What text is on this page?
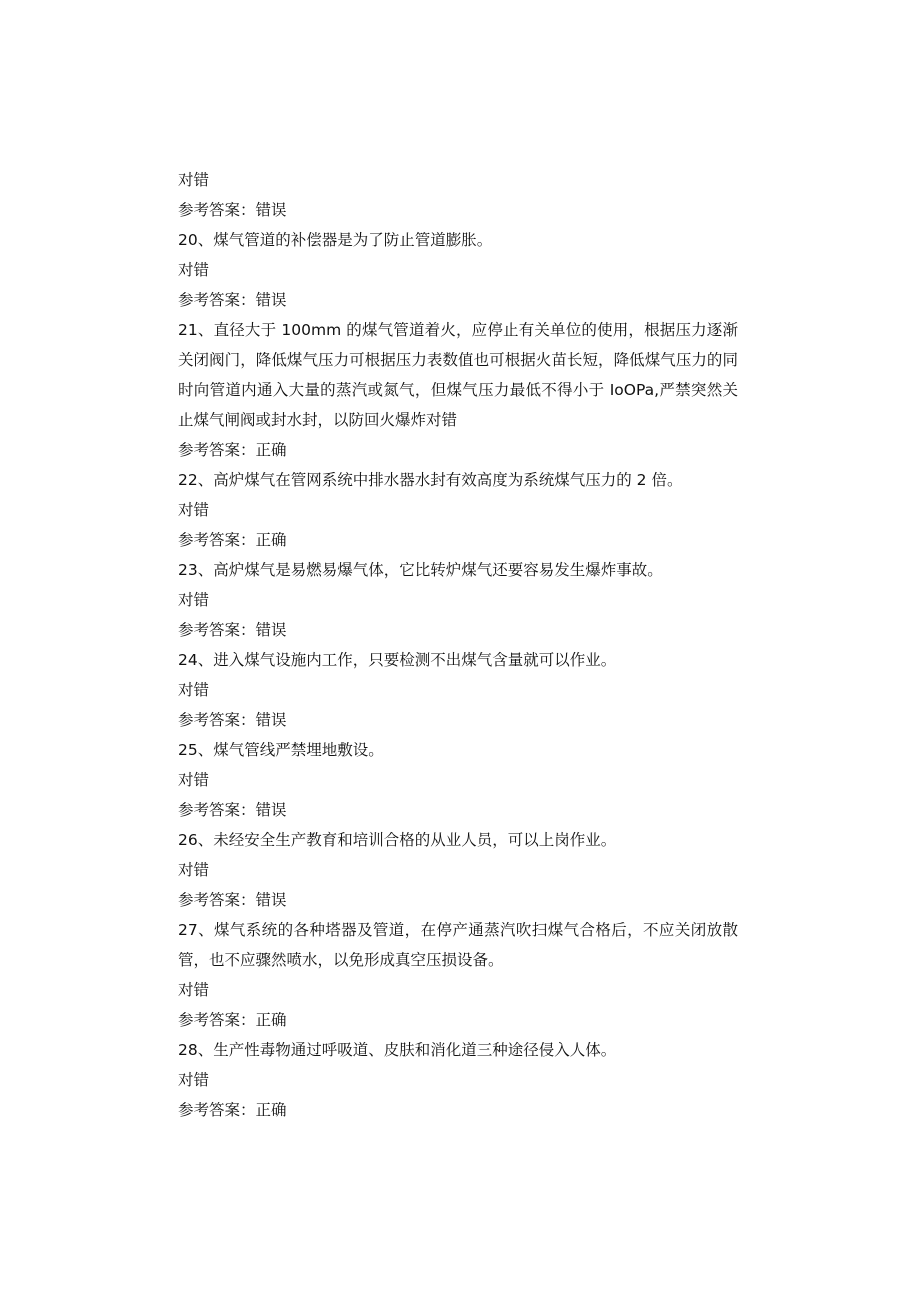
对错

参考答案：错误

20、煤气管道的补偿器是为了防止管道膨胀。

对错

参考答案：错误

21、直径大于 100mm 的煤气管道着火，应停止有关单位的使用，根据压力逐渐关闭阀门，降低煤气压力可根据压力表数值也可根据火苗长短，降低煤气压力的同时向管道内通入大量的蒸汽或氮气，但煤气压力最低不得小于 IoOPa,严禁突然关止煤气闸阀或封水封，以防回火爆炸对错

参考答案：正确

22、高炉煤气在管网系统中排水器水封有效高度为系统煤气压力的 2 倍。

对错

参考答案：正确

23、高炉煤气是易燃易爆气体，它比转炉煤气还要容易发生爆炸事故。

对错

参考答案：错误

24、进入煤气设施内工作，只要检测不出煤气含量就可以作业。

对错

参考答案：错误

25、煤气管线严禁埋地敷设。

对错

参考答案：错误

26、未经安全生产教育和培训合格的从业人员，可以上岗作业。

对错

参考答案：错误

27、煤气系统的各种塔器及管道，在停产通蒸汽吹扫煤气合格后，不应关闭放散管，也不应骤然喷水，以免形成真空压损设备。

对错

参考答案：正确

28、生产性毒物通过呼吸道、皮肤和消化道三种途径侵入人体。

对错

参考答案：正确
